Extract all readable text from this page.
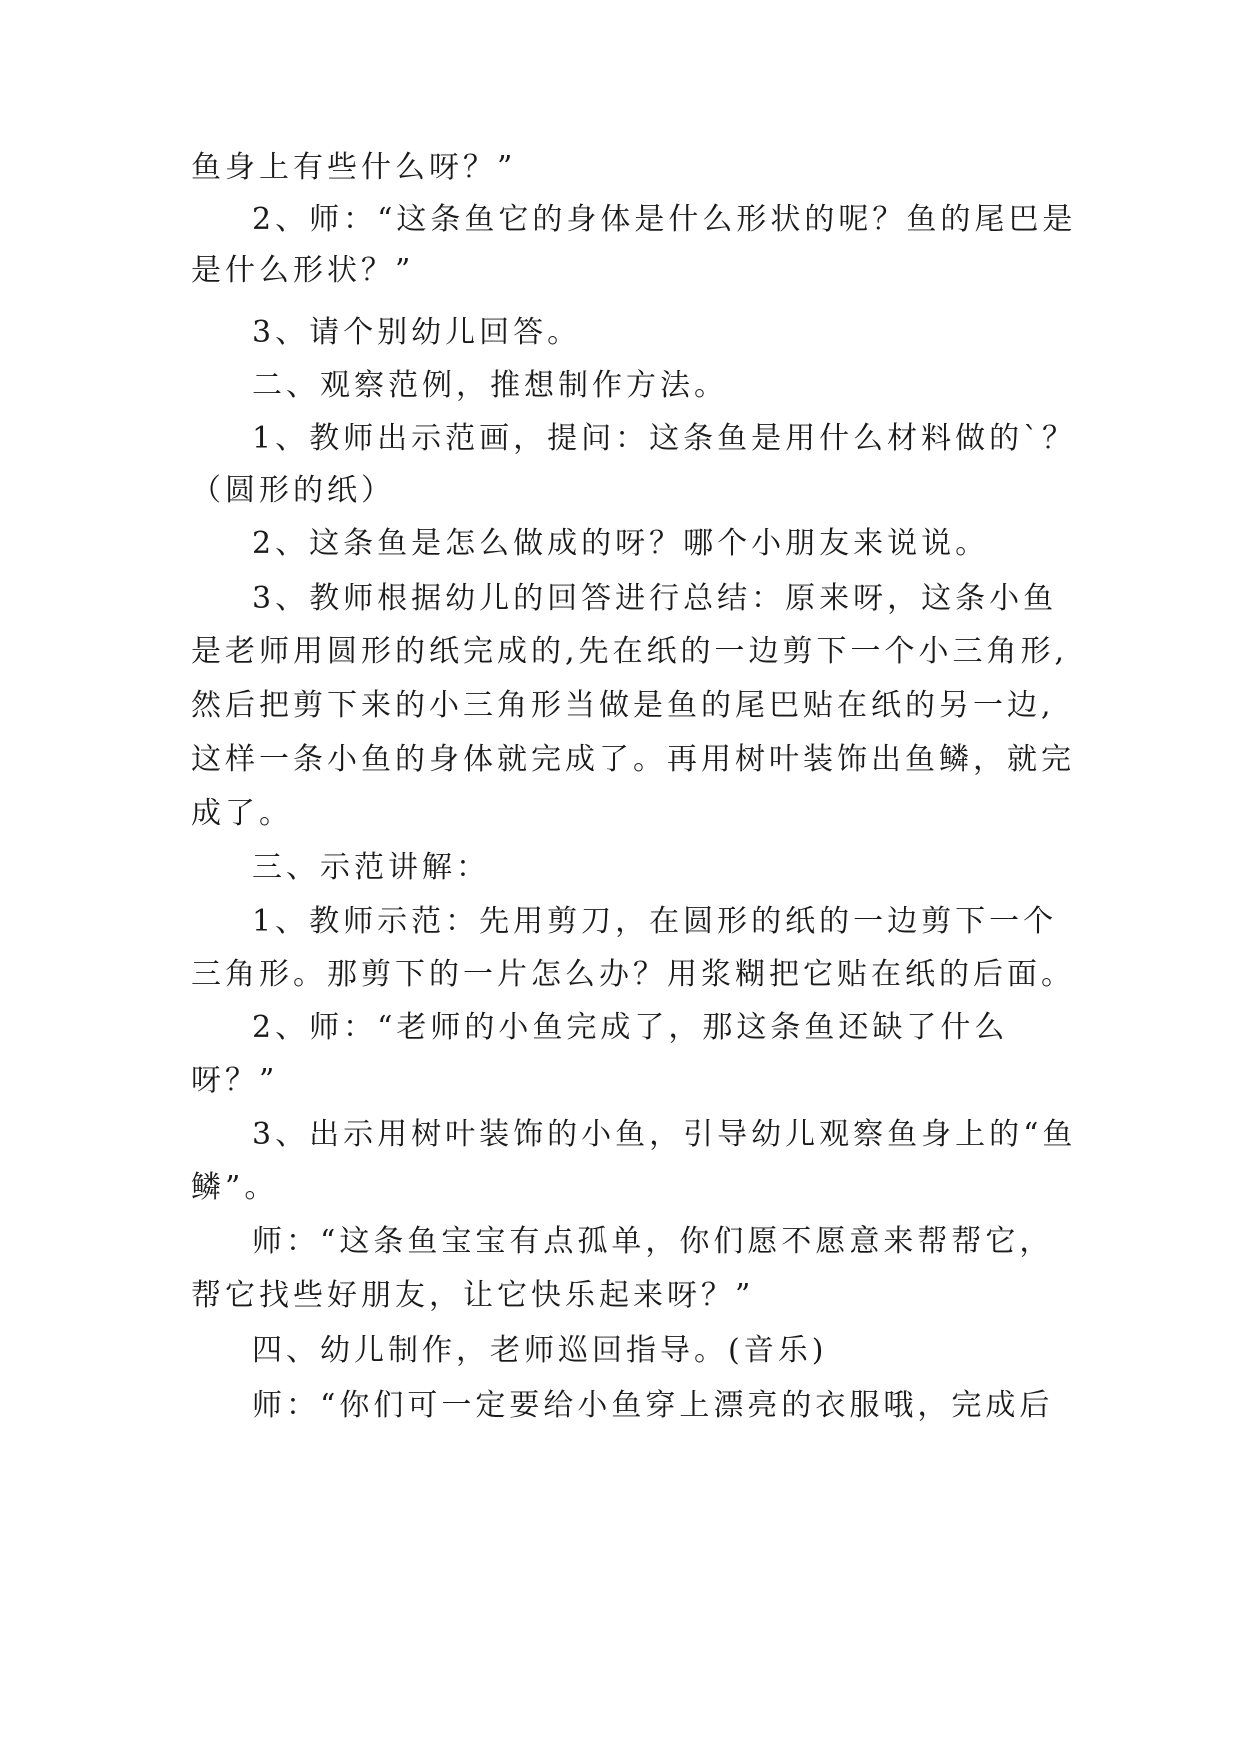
鱼身上有些什么呀？”
2、师：“这条鱼它的身体是什么形状的呢？鱼的尾巴是
是什么形状？”
3、请个别幼儿回答。
二、观察范例，推想制作方法。
1、教师出示范画，提问：这条鱼是用什么材料做的`？
（圆形的纸）
2、这条鱼是怎么做成的呀？哪个小朋友来说说。
3、教师根据幼儿的回答进行总结：原来呀，这条小鱼
是老师用圆形的纸完成的,先在纸的一边剪下一个小三角形,
然后把剪下来的小三角形当做是鱼的尾巴贴在纸的另一边,
这样一条小鱼的身体就完成了。再用树叶装饰出鱼鳞，就完
成了。
三、示范讲解：
1、教师示范：先用剪刀，在圆形的纸的一边剪下一个
三角形。那剪下的一片怎么办？用浆糊把它贴在纸的后面。
2、师：“老师的小鱼完成了，那这条鱼还缺了什么
呀？”
3、出示用树叶装饰的小鱼，引导幼儿观察鱼身上的“鱼
鳞”。
师：“这条鱼宝宝有点孤单，你们愿不愿意来帮帮它，
帮它找些好朋友，让它快乐起来呀？”
四、幼儿制作，老师巡回指导。(音乐)
师：“你们可一定要给小鱼穿上漂亮的衣服哦，完成后
